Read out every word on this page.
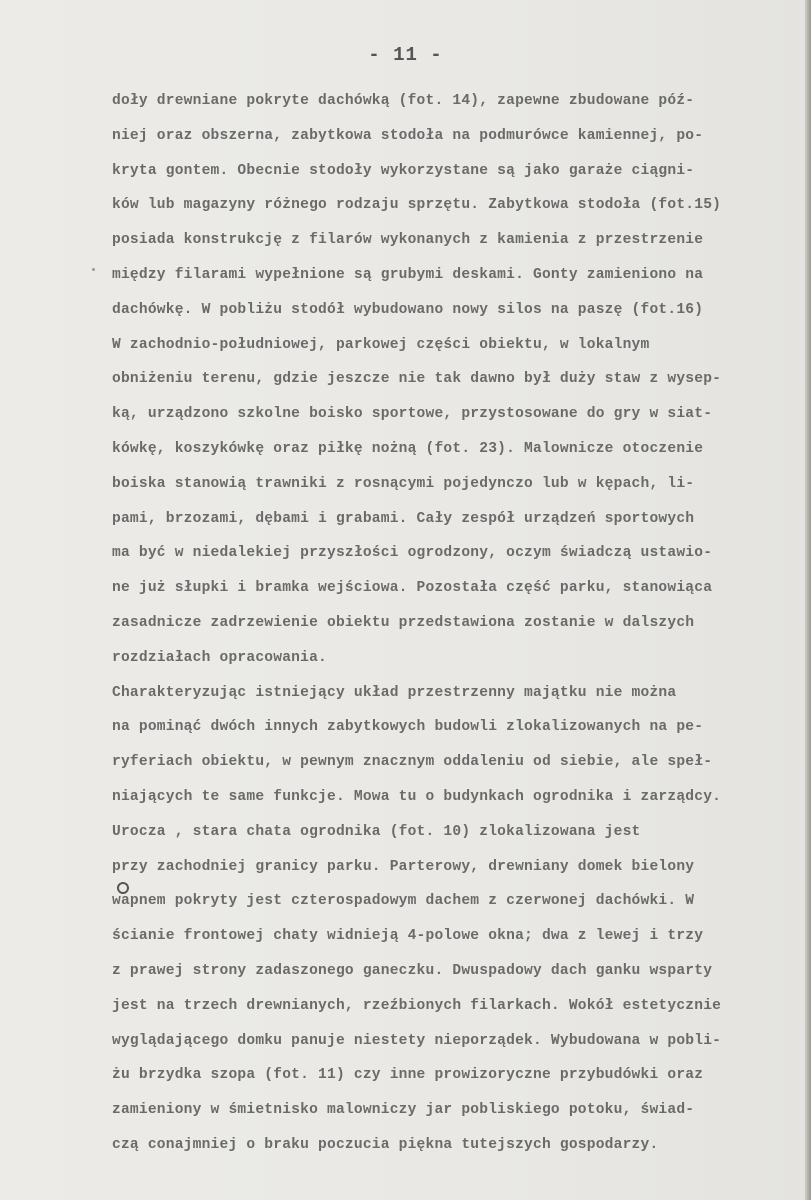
- 11 -
doły drewniane pokryte dachówką (fot. 14), zapewne zbudowane póź-
niej oraz obszerna, zabytkowa stodoła na podmurówce kamiennej, po-
kryta gontem. Obecnie stodoły wykorzystane są jako garaże ciągni-
ków lub magazyny różnego rodzaju sprzętu. Zabytkowa stodoła (fot.15)
posiada konstrukcję z filarów wykonanych z kamienia z przestrzenie
między filarami wypełnione są grubymi deskami. Gonty zamieniono na
dachówkę. W pobliżu stodół wybudowano nowy silos na paszę (fot.16)
W zachodnio-południowej, parkowej części obiektu, w lokalnym
obniżeniu terenu, gdzie jeszcze nie tak dawno był duży staw z wysep-
ką, urządzono szkolne boisko sportowe, przystosowane do gry w siat-
kówkę, koszykówkę oraz piłkę nożną (fot. 23). Malownicze otoczenie
boiska stanowią trawniki z rosnącymi pojedynczo lub w kępach, li-
pami, brzozami, dębami i grabami. Cały zespół urządzeń sportowych
ma być w niedalekiej przyszłości ogrodzony, oczym świadczą ustawio-
ne już słupki i bramka wejściowa. Pozostała część parku, stanowiąca
zasadnicze zadrzewienie obiektu przedstawiona zostanie w dalszych
rozdziałach opracowania.
Charakteryzując istniejący układ przestrzenny majątku nie można
na pominąć dwóch innych zabytkowych budowli zlokalizowanych na pe-
ryferiach obiektu, w pewnym znacznym oddaleniu od siebie, ale speł-
niających te same funkcje. Mowa tu o budynkach ogrodnika i zarządcy.
Urocza , stara chata ogrodnika (fot. 10) zlokalizowana jest
przy zachodniej granicy parku. Parterowy, drewniany domek bielony
wapnem pokryty jest czterospadowym dachem z czerwonej dachówki. W
ścianie frontowej chaty widnieją 4-polowe okna; dwa z lewej i trzy
z prawej strony zadaszonego ganeczku. Dwuspadowy dach ganku wsparty
jest na trzech drewnianych, rzeźbionych filarkach. Wokół estetycznie
wyglądającego domku panuje niestety nieporządek. Wybudowana w pobli-
żu brzydka szopa (fot. 11) czy inne prowizoryczne przybudówki oraz
zamieniony w śmietnisko malowniczy jar pobliskiego potoku, świad-
czą conajmniej o braku poczucia piękna tutejszych gospodarzy.
